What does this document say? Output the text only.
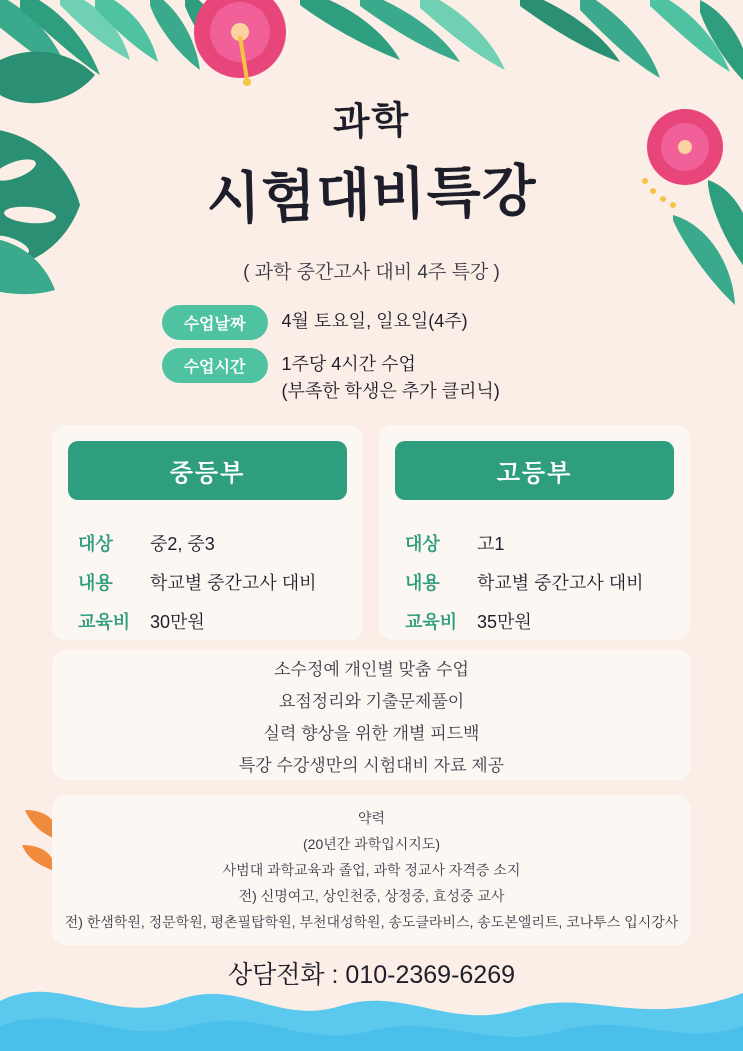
과학
시험대비특강
( 과학 중간고사 대비 4주 특강 )
수업날짜	4월 토요일, 일요일(4주)
수업시간	1주당 4시간 수업
(부족한 학생은 추가 클리닉)
중등부
대상	중2, 중3
내용	학교별 중간고사 대비
교육비	30만원
고등부
대상	고1
내용	학교별 중간고사 대비
교육비	35만원
소수정예 개인별 맞춤 수업
요점정리와 기출문제풀이
실력 향상을 위한 개별 피드백
특강 수강생만의 시험대비 자료 제공
약력
(20년간 과학입시지도)
사범대 과학교육과 졸업, 과학 정교사 자격증 소지
전) 신명여고, 상인천중, 상정중, 효성중 교사
전) 한샘학원, 정문학원, 평촌필탑학원, 부천대성학원, 송도클라비스, 송도본엘리트, 코나투스 입시강사
상담전화 : 010-2369-6269
